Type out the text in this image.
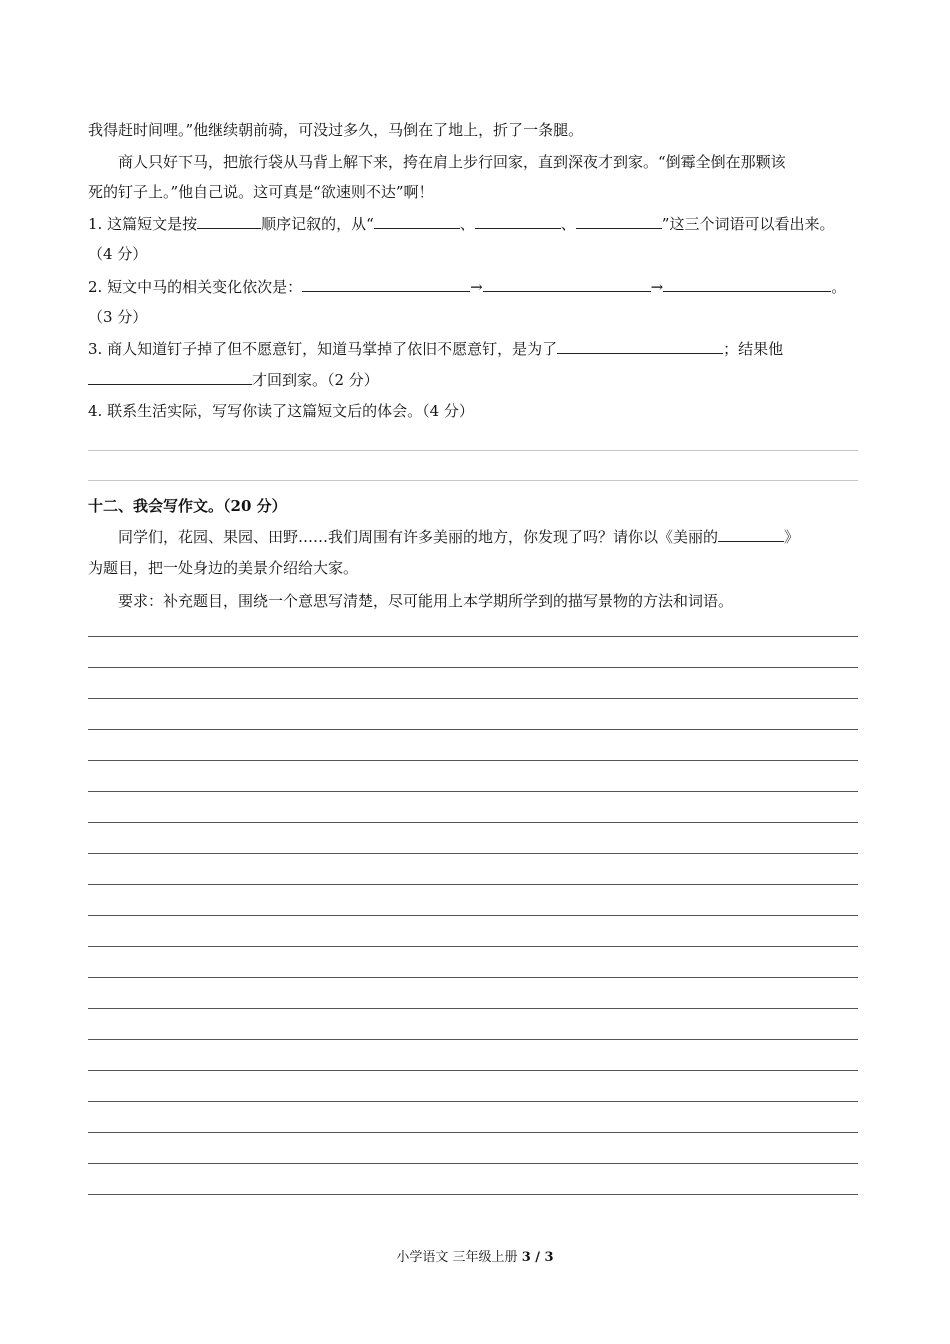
我得赶时间哩。”他继续朝前骑，可没过多久，马倒在了地上，折了一条腿。
商人只好下马，把旅行袋从马背上解下来，挎在肩上步行回家，直到深夜才到家。“倒霉全倒在那颗该
死的钉子上。”他自己说。这可真是“欲速则不达”啊！
1. 这篇短文是按	顺序记叙的，从“	、	、	”这三个词语可以看出来。
（4 分）
2. 短文中马的相关变化依次是：	→	→	。
（3 分）
3. 商人知道钉子掉了但不愿意钉，知道马掌掉了依旧不愿意钉，是为了	；结果他
才回到家。（2 分）
4. 联系生活实际，写写你读了这篇短文后的体会。（4 分）
十二、我会写作文。（20 分）
同学们，花园、果园、田野……我们周围有许多美丽的地方，你发现了吗？请你以《美丽的	》
为题目，把一处身边的美景介绍给大家。
要求：补充题目，围绕一个意思写清楚，尽可能用上本学期所学到的描写景物的方法和词语。
小学语文 三年级上册 3 / 3
